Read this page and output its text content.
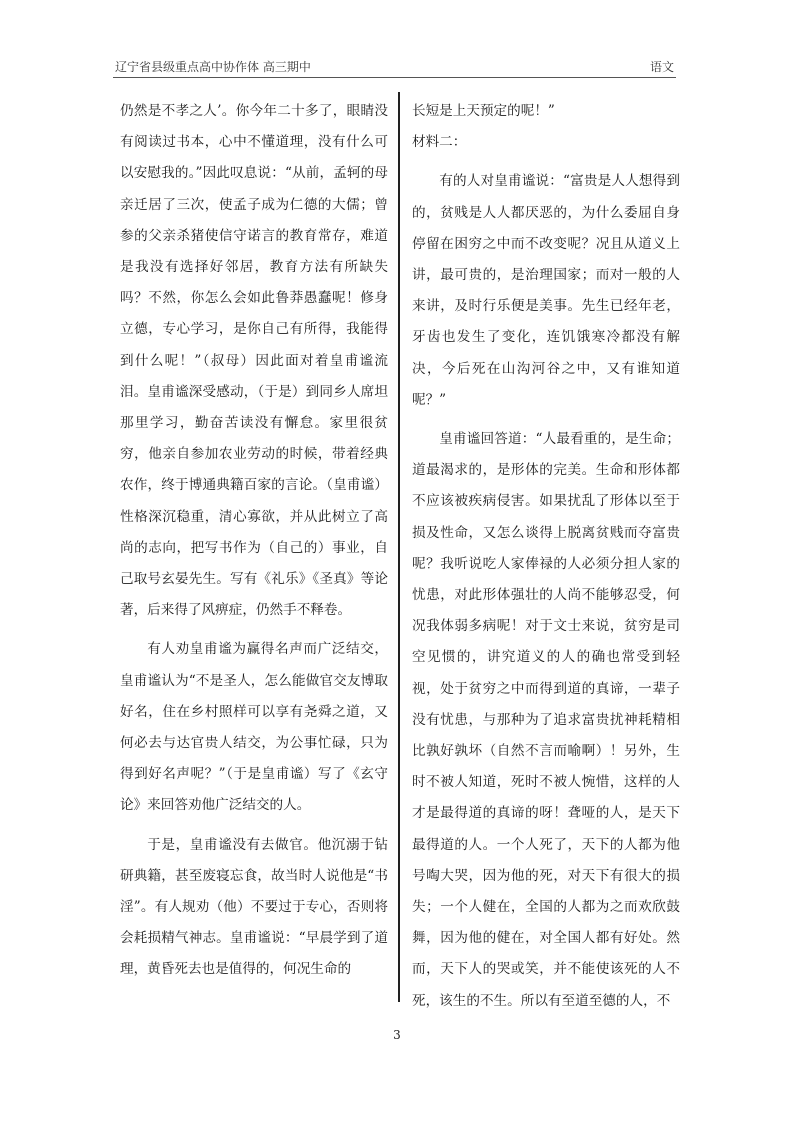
辽宁省县级重点高中协作体 高三期中	语文

仍然是不孝之人’。你今年二十多了，眼睛没有阅读过书本，心中不懂道理，没有什么可以安慰我的。”因此叹息说：“从前，孟轲的母亲迁居了三次，使孟子成为仁德的大儒；曾参的父亲杀猪使信守诺言的教育常存，难道是我没有选择好邻居，教育方法有所缺失吗？不然，你怎么会如此鲁莽愚蠢呢！修身立德，专心学习，是你自己有所得，我能得到什么呢！”（叔母）因此面对着皇甫谧流泪。皇甫谧深受感动，（于是）到同乡人席坦那里学习，勤奋苦读没有懈怠。家里很贫穷，他亲自参加农业劳动的时候，带着经典农作，终于博通典籍百家的言论。（皇甫谧）性格深沉稳重，清心寡欲，并从此树立了高尚的志向，把写书作为（自己的）事业，自己取号玄晏先生。写有《礼乐》《圣真》等论著，后来得了风痹症，仍然手不释卷。

有人劝皇甫谧为赢得名声而广泛结交，皇甫谧认为“不是圣人，怎么能做官交友博取好名，住在乡村照样可以享有尧舜之道，又何必去与达官贵人结交，为公事忙碌，只为得到好名声呢？”（于是皇甫谧）写了《玄守论》来回答劝他广泛结交的人。

于是，皇甫谧没有去做官。他沉溺于钻研典籍，甚至废寝忘食，故当时人说他是“书淫”。有人规劝（他）不要过于专心，否则将会耗损精气神志。皇甫谧说：“早晨学到了道理，黄昏死去也是值得的，何况生命的

长短是上天预定的呢！”

材料二：

有的人对皇甫谧说：“富贵是人人想得到的，贫贱是人人都厌恶的，为什么委屈自身停留在困穷之中而不改变呢？况且从道义上讲，最可贵的，是治理国家；而对一般的人来讲，及时行乐便是美事。先生已经年老，牙齿也发生了变化，连饥饿寒冷都没有解决，今后死在山沟河谷之中，又有谁知道呢？”

皇甫谧回答道：“人最看重的，是生命；道最渴求的，是形体的完美。生命和形体都不应该被疾病侵害。如果扰乱了形体以至于损及性命，又怎么谈得上脱离贫贱而夺富贵呢？我听说吃人家俸禄的人必须分担人家的忧患，对此形体强壮的人尚不能够忍受，何况我体弱多病呢！对于文士来说，贫穷是司空见惯的，讲究道义的人的确也常受到轻视，处于贫穷之中而得到道的真谛，一辈子没有忧患，与那种为了追求富贵扰神耗精相比孰好孰坏（自然不言而喻啊）！另外，生时不被人知道，死时不被人惋惜，这样的人才是最得道的真谛的呀！聋哑的人，是天下最得道的人。一个人死了，天下的人都为他号啕大哭，因为他的死，对天下有很大的损失；一个人健在，全国的人都为之而欢欣鼓舞，因为他的健在，对全国人都有好处。然而，天下人的哭或笑，并不能使该死的人不死，该生的不生。所以有至道至德的人，不

3
